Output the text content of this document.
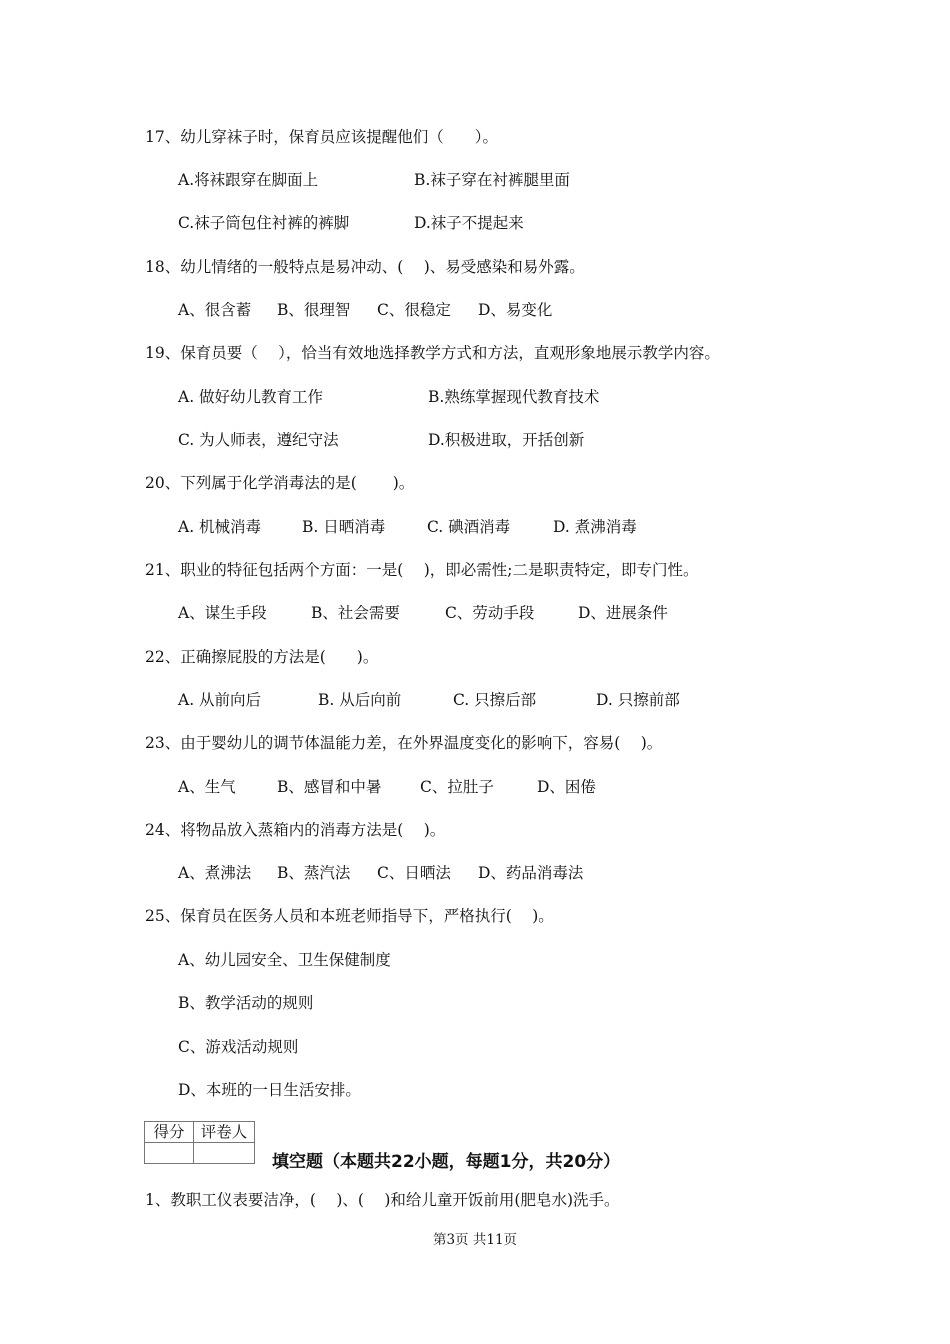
17、幼儿穿袜子时，保育员应该提醒他们（　　）。
A.将袜跟穿在脚面上	B.袜子穿在衬裤腿里面
C.袜子筒包住衬裤的裤脚	D.袜子不提起来
18、幼儿情绪的一般特点是易冲动、(　 )、易受感染和易外露。
A、很含蓄 B、很理智 C、很稳定 D、易变化
19、保育员要（　 ），恰当有效地选择教学方式和方法，直观形象地展示教学内容。
A. 做好幼儿教育工作	B.熟练掌握现代教育技术
C. 为人师表，遵纪守法	D.积极进取，开括创新
20、下列属于化学消毒法的是(　　 )。
A. 机械消毒	B. 日晒消毒	C. 碘酒消毒	D. 煮沸消毒
21、职业的特征包括两个方面：一是(　 )，即必需性;二是职责特定，即专门性。
A、谋生手段	B、社会需要	C、劳动手段	D、进展条件
22、正确擦屁股的方法是(　　)。
A. 从前向后	B. 从后向前	C. 只擦后部	D. 只擦前部
23、由于婴幼儿的调节体温能力差，在外界温度变化的影响下，容易(　 )。
A、生气	B、感冒和中暑 C、拉肚子	D、困倦
24、将物品放入蒸箱内的消毒方法是(　 )。
A、煮沸法 B、蒸汽法 C、日晒法 D、药品消毒法
25、保育员在医务人员和本班老师指导下，严格执行(　 )。
A、幼儿园安全、卫生保健制度
B、教学活动的规则
C、游戏活动规则
D、本班的一日生活安排。
得分	评卷人

填空题（本题共22小题，每题1分，共20分）
1、教职工仪表要洁净，(　 )、(　 )和给儿童开饭前用(肥皂水)洗手。
第3页 共11页
